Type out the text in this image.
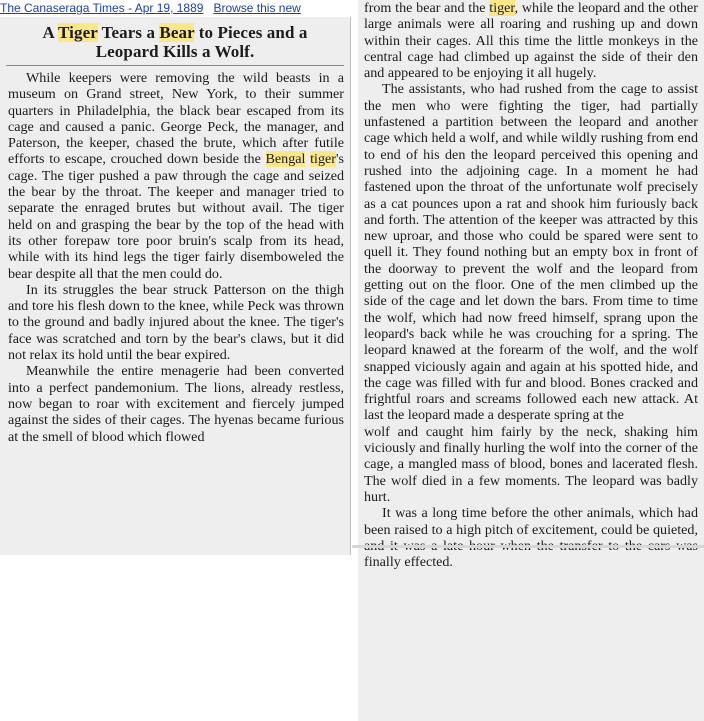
The Canaseraga Times - Apr 19, 1889 Browse this new
A Tiger Tears a Bear to Pieces and a Leopard Kills a Wolf.

While keepers were removing the wild beasts in a museum on Grand street, New York, to their summer quarters in Philadelphia, the black bear escaped from its cage and caused a panic. George Peck, the manager, and Paterson, the keeper, chased the brute, which after futile efforts to escape, crouched down beside the Bengal tiger's cage. The tiger pushed a paw through the cage and seized the bear by the throat. The keeper and manager tried to separate the enraged brutes but without avail. The tiger held on and grasping the bear by the top of the head with its other forepaw tore poor bruin's scalp from its head, while with its hind legs the tiger fairly disemboweled the bear despite all that the men could do.

In its struggles the bear struck Patterson on the thigh and tore his flesh down to the knee, while Peck was thrown to the ground and badly injured about the knee. The tiger's face was scratched and torn by the bear's claws, but it did not relax its hold until the bear expired.

Meanwhile the entire menagerie had been converted into a perfect pandemonium. The lions, already restless, now began to roar with excitement and fiercely jumped against the sides of their cages. The hyenas became furious at the smell of blood which flowed

from the bear and the tiger, while the leopard and the other large animals were all roaring and rushing up and down within their cages. All this time the little monkeys in the central cage had climbed up against the side of their den and appeared to be enjoying it all hugely.

The assistants, who had rushed from the cage to assist the men who were fighting the tiger, had partially unfastened a partition between the leopard and another cage which held a wolf, and while wildly rushing from end to end of his den the leopard perceived this opening and rushed into the adjoining cage. In a moment he had fastened upon the throat of the unfortunate wolf precisely as a cat pounces upon a rat and shook him furiously back and forth. The attention of the keeper was attracted by this new uproar, and those who could be spared were sent to quell it. They found nothing but an empty box in front of the doorway to prevent the wolf and the leopard from getting out on the floor. One of the men climbed up the side of the cage and let down the bars. From time to time the wolf, which had now freed himself, sprang upon the leopard's back while he was crouching for a spring. The leopard knawed at the forearm of the wolf, and the wolf snapped viciously again and again at his spotted hide, and the cage was filled with fur and blood. Bones cracked and frightful roars and screams followed each new attack. At last the leopard made a desperate spring at the

wolf and caught him fairly by the neck, shaking him viciously and finally hurling the wolf into the corner of the cage, a mangled mass of blood, bones and lacerated flesh. The wolf died in a few moments. The leopard was badly hurt.

It was a long time before the other animals, which had been raised to a high pitch of excitement, could be quieted, finally effected.
